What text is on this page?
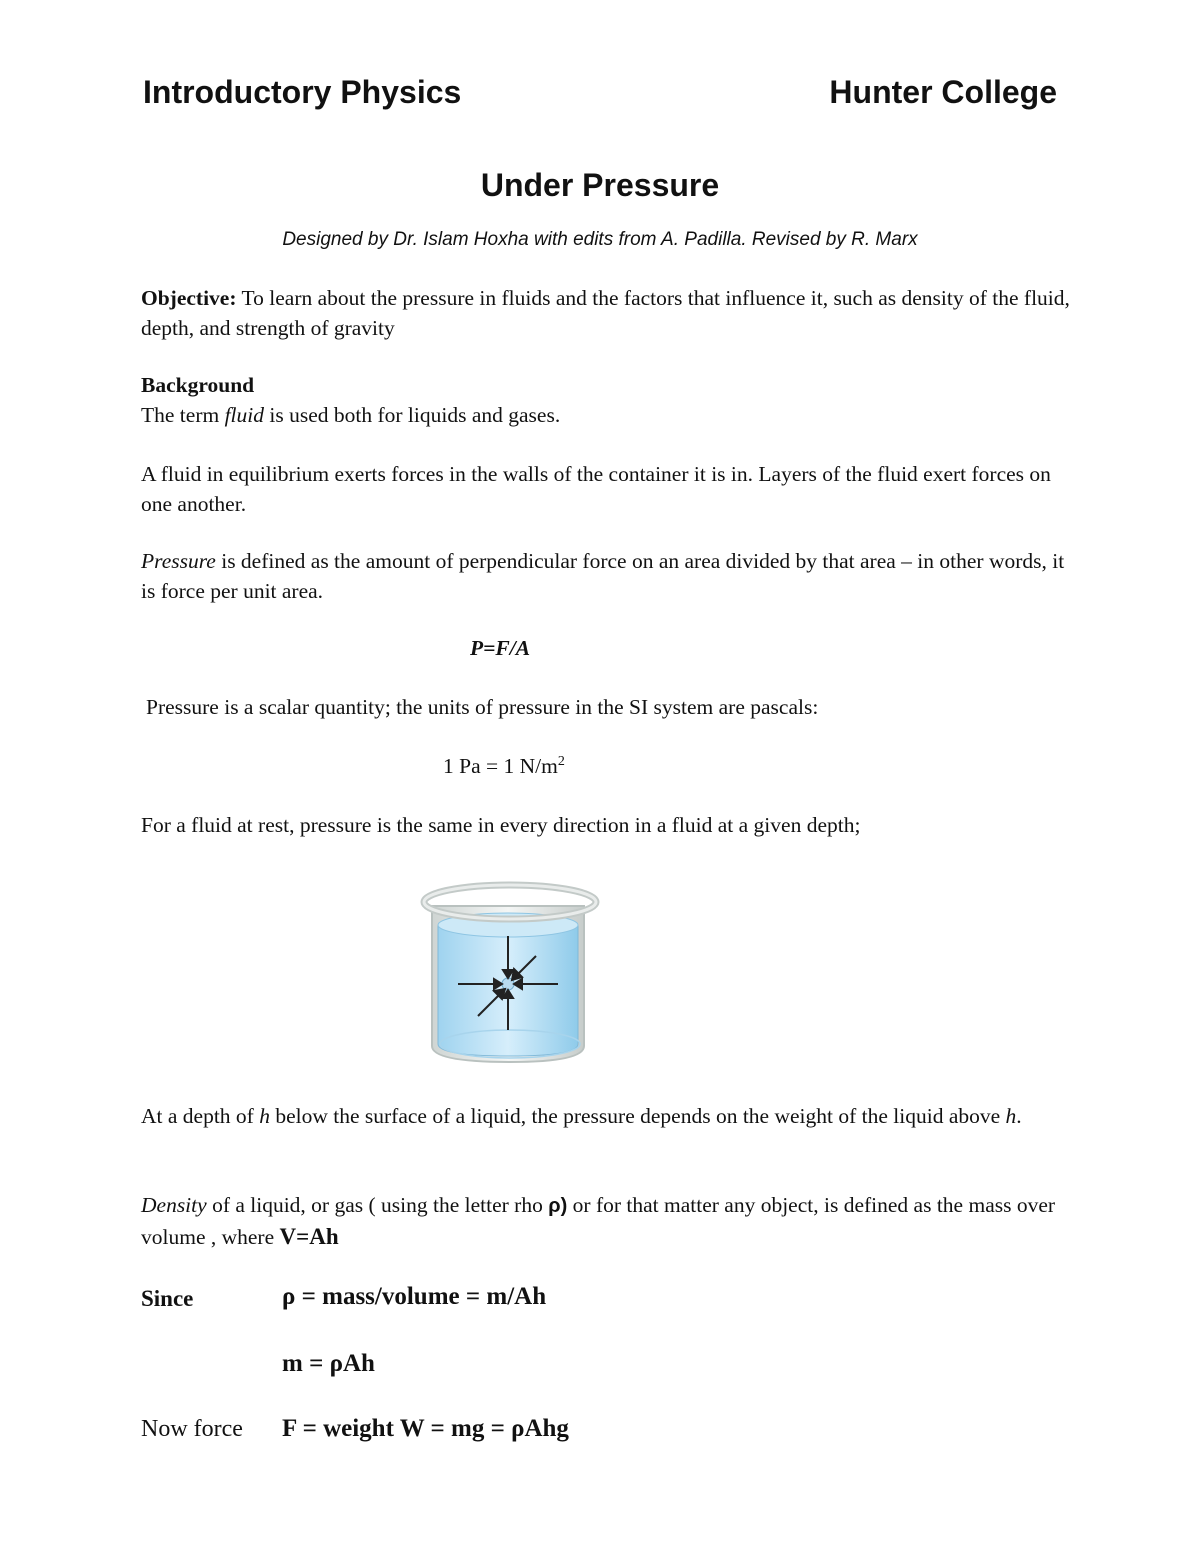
Introductory Physics	Hunter College
Under Pressure
Designed by Dr. Islam Hoxha with edits from A. Padilla. Revised by R. Marx
Objective: To learn about the pressure in fluids and the factors that influence it, such as density of the fluid, depth, and strength of gravity
Background
The term fluid is used both for liquids and gases.
A fluid in equilibrium exerts forces in the walls of the container it is in. Layers of the fluid exert forces on one another.
Pressure is defined as the amount of perpendicular force on an area divided by that area – in other words, it is force per unit area.
P=F/A
Pressure is a scalar quantity; the units of pressure in the SI system are pascals:
1 Pa = 1 $N/m^2$
For a fluid at rest, pressure is the same in every direction in a fluid at a given depth;
At a depth of h below the surface of a liquid, the pressure depends on the weight of the liquid above h.
Density of a liquid, or gas ( using the letter rho ρ) or for that matter any object, is defined as the mass over volume , where V=Ah
Since	ρ = mass/volume = m/Ah
m = ρAh
Now force F = weight W = mg = ρAhg
